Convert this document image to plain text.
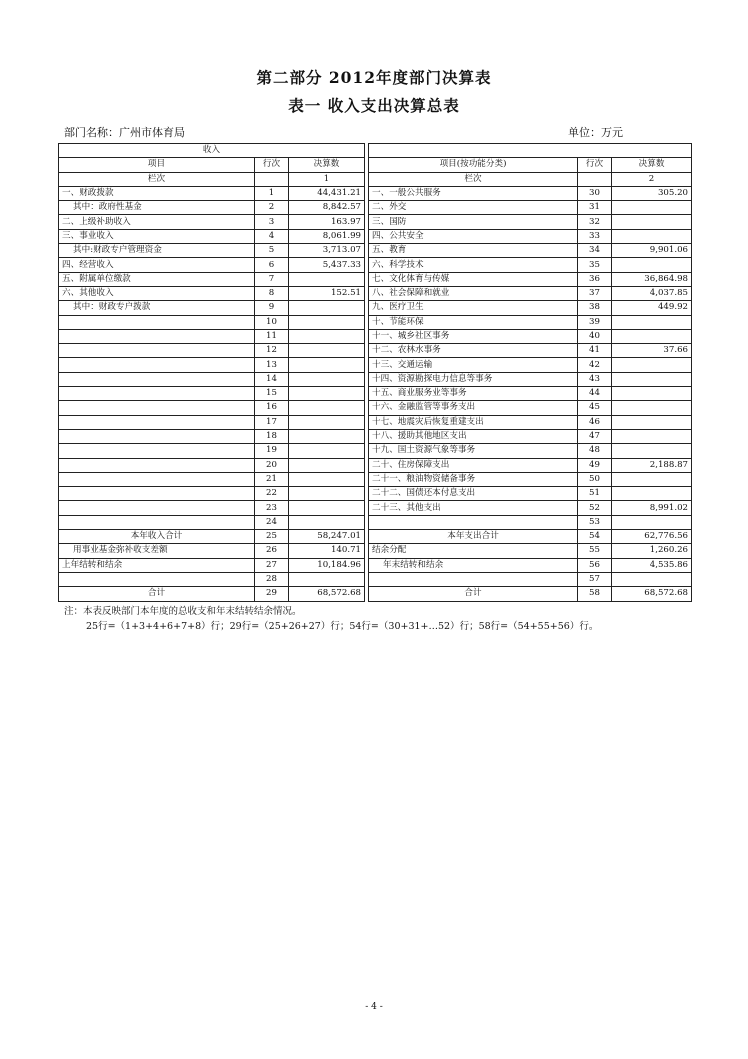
第二部分 2012年度部门决算表
表一 收入支出决算总表
部门名称：广州市体育局	单位：万元
收入						
项目	行次	决算数		项目(按功能分类)	行次	决算数
栏次		1		栏次		2
一、财政拨款	1	44,431.21		一、一般公共服务	30	305.20
其中：政府性基金	2	8,842.57		二、外交	31	
二、上级补助收入	3	163.97		三、国防	32	
三、事业收入	4	8,061.99		四、公共安全	33	
其中:财政专户管理资金	5	3,713.07		五、教育	34	9,901.06
四、经营收入	6	5,437.33		六、科学技术	35	
五、附属单位缴款	7			七、文化体育与传媒	36	36,864.98
六、其他收入	8	152.51		八、社会保障和就业	37	4,037.85
其中：财政专户拨款	9			九、医疗卫生	38	449.92
	10			十、节能环保	39	
	11			十一、城乡社区事务	40	
	12			十二、农林水事务	41	37.66
	13			十三、交通运输	42	
	14			十四、资源勘探电力信息等事务	43	
	15			十五、商业服务业等事务	44	
	16			十六、金融监管等事务支出	45	
	17			十七、地震灾后恢复重建支出	46	
	18			十八、援助其他地区支出	47	
	19			十九、国土资源气象等事务	48	
	20			二十、住房保障支出	49	2,188.87
	21			二十一、粮油物资储备事务	50	
	22			二十二、国债还本付息支出	51	
	23			二十三、其他支出	52	8,991.02
	24				53	
本年收入合计	25	58,247.01		本年支出合计	54	62,776.56
用事业基金弥补收支差额	26	140.71		结余分配	55	1,260.26
上年结转和结余	27	10,184.96		年末结转和结余	56	4,535.86
	28				57	
合计	29	68,572.68		合计	58	68,572.68
注：本表反映部门本年度的总收支和年末结转结余情况。
25行=（1+3+4+6+7+8）行；29行=（25+26+27）行；54行=（30+31+…52）行；58行=（54+55+56）行。
- 4 -
